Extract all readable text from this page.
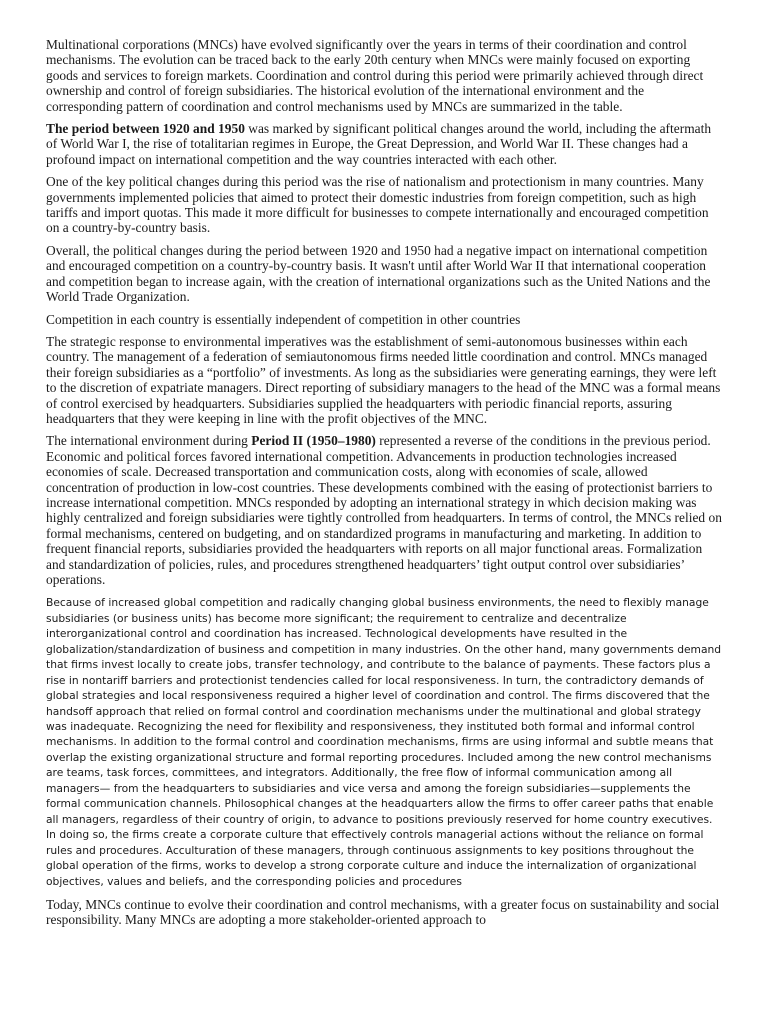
Multinational corporations (MNCs) have evolved significantly over the years in terms of their coordination and control mechanisms. The evolution can be traced back to the early 20th century when MNCs were mainly focused on exporting goods and services to foreign markets. Coordination and control during this period were primarily achieved through direct ownership and control of foreign subsidiaries. The historical evolution of the international environment and the corresponding pattern of coordination and control mechanisms used by MNCs are summarized in the table.

The period between 1920 and 1950 was marked by significant political changes around the world, including the aftermath of World War I, the rise of totalitarian regimes in Europe, the Great Depression, and World War II. These changes had a profound impact on international competition and the way countries interacted with each other.

One of the key political changes during this period was the rise of nationalism and protectionism in many countries. Many governments implemented policies that aimed to protect their domestic industries from foreign competition, such as high tariffs and import quotas. This made it more difficult for businesses to compete internationally and encouraged competition on a country-by-country basis.

Overall, the political changes during the period between 1920 and 1950 had a negative impact on international competition and encouraged competition on a country-by-country basis. It wasn't until after World War II that international cooperation and competition began to increase again, with the creation of international organizations such as the United Nations and the World Trade Organization.

Competition in each country is essentially independent of competition in other countries

The strategic response to environmental imperatives was the establishment of semi-autonomous businesses within each country. The management of a federation of semiautonomous firms needed little coordination and control. MNCs managed their foreign subsidiaries as a “portfolio” of investments. As long as the subsidiaries were generating earnings, they were left to the discretion of expatriate managers. Direct reporting of subsidiary managers to the head of the MNC was a formal means of control exercised by headquarters. Subsidiaries supplied the headquarters with periodic financial reports, assuring headquarters that they were keeping in line with the profit objectives of the MNC.

The international environment during Period II (1950–1980) represented a reverse of the conditions in the previous period. Economic and political forces favored international competition. Advancements in production technologies increased economies of scale. Decreased transportation and communication costs, along with economies of scale, allowed concentration of production in low-cost countries. These developments combined with the easing of protectionist barriers to increase international competition. MNCs responded by adopting an international strategy in which decision making was highly centralized and foreign subsidiaries were tightly controlled from headquarters. In terms of control, the MNCs relied on formal mechanisms, centered on budgeting, and on standardized programs in manufacturing and marketing. In addition to frequent financial reports, subsidiaries provided the headquarters with reports on all major functional areas. Formalization and standardization of policies, rules, and procedures strengthened headquarters’ tight output control over subsidiaries’ operations.

Because of increased global competition and radically changing global business environments, the need to flexibly manage subsidiaries (or business units) has become more significant; the requirement to centralize and decentralize interorganizational control and coordination has increased. Technological developments have resulted in the globalization/standardization of business and competition in many industries. On the other hand, many governments demand that firms invest locally to create jobs, transfer technology, and contribute to the balance of payments. These factors plus a rise in nontariff barriers and protectionist tendencies called for local responsiveness. In turn, the contradictory demands of global strategies and local responsiveness required a higher level of coordination and control. The firms discovered that the handsoff approach that relied on formal control and coordination mechanisms under the multinational and global strategy was inadequate. Recognizing the need for flexibility and responsiveness, they instituted both formal and informal control mechanisms. In addition to the formal control and coordination mechanisms, firms are using informal and subtle means that overlap the existing organizational structure and formal reporting procedures. Included among the new control mechanisms are teams, task forces, committees, and integrators. Additionally, the free flow of informal communication among all managers— from the headquarters to subsidiaries and vice versa and among the foreign subsidiaries—supplements the formal communication channels. Philosophical changes at the headquarters allow the firms to offer career paths that enable all managers, regardless of their country of origin, to advance to positions previously reserved for home country executives. In doing so, the firms create a corporate culture that effectively controls managerial actions without the reliance on formal rules and procedures. Acculturation of these managers, through continuous assignments to key positions throughout the global operation of the firms, works to develop a strong corporate culture and induce the internalization of organizational objectives, values and beliefs, and the corresponding policies and procedures

Today, MNCs continue to evolve their coordination and control mechanisms, with a greater focus on sustainability and social responsibility. Many MNCs are adopting a more stakeholder-oriented approach to
